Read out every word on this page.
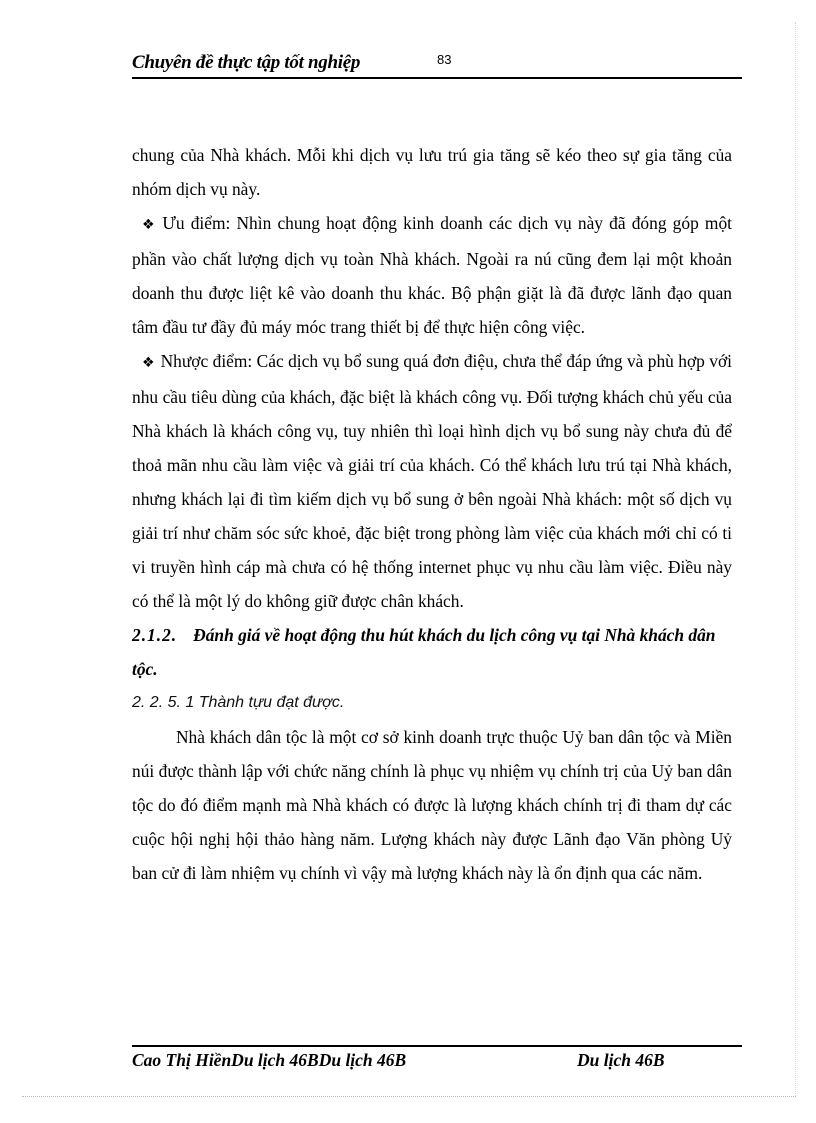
Chuyên đề thực tập tốt nghiệp	83

chung của Nhà khách. Mỗi khi dịch vụ lưu trú gia tăng sẽ kéo theo sự gia tăng của nhóm dịch vụ này.

❖ Ưu điểm: Nhìn chung hoạt động kinh doanh các dịch vụ này đã đóng góp một phần vào chất lượng dịch vụ toàn Nhà khách. Ngoài ra nú cũng đem lại một khoản doanh thu được liệt kê vào doanh thu khác. Bộ phận giặt là đã được lãnh đạo quan tâm đầu tư đầy đủ máy móc trang thiết bị để thực hiện công việc.

❖ Nhược điểm: Các dịch vụ bổ sung quá đơn điệu, chưa thể đáp ứng và phù hợp với nhu cầu tiêu dùng của khách, đặc biệt là khách công vụ. Đối tượng khách chủ yếu của Nhà khách là khách công vụ, tuy nhiên thì loại hình dịch vụ bổ sung này chưa đủ để thoả mãn nhu cầu làm việc và giải trí của khách. Có thể khách lưu trú tại Nhà khách, nhưng khách lại đi tìm kiếm dịch vụ bổ sung ở bên ngoài Nhà khách: một số dịch vụ giải trí như chăm sóc sức khoẻ, đặc biệt trong phòng làm việc của khách mới chỉ có ti vi truyền hình cáp mà chưa có hệ thống internet phục vụ nhu cầu làm việc. Điều này có thể là một lý do không giữ được chân khách.

2.1.2. Đánh giá về hoạt động thu hút khách du lịch công vụ tại Nhà khách dân tộc.

2. 2. 5. 1 Thành tựu đạt được.

Nhà khách dân tộc là một cơ sở kinh doanh trực thuộc Uỷ ban dân tộc và Miền núi được thành lập với chức năng chính là phục vụ nhiệm vụ chính trị của Uỷ ban dân tộc do đó điểm mạnh mà Nhà khách có được là lượng khách chính trị đi tham dự các cuộc hội nghị hội thảo hàng năm. Lượng khách này được Lãnh đạo Văn phòng Uỷ ban cử đi làm nhiệm vụ chính vì vậy mà lượng khách này là ổn định qua các năm.

Cao Thị HiềnDu lịch 46BDu lịch 46B	Du lịch 46B
